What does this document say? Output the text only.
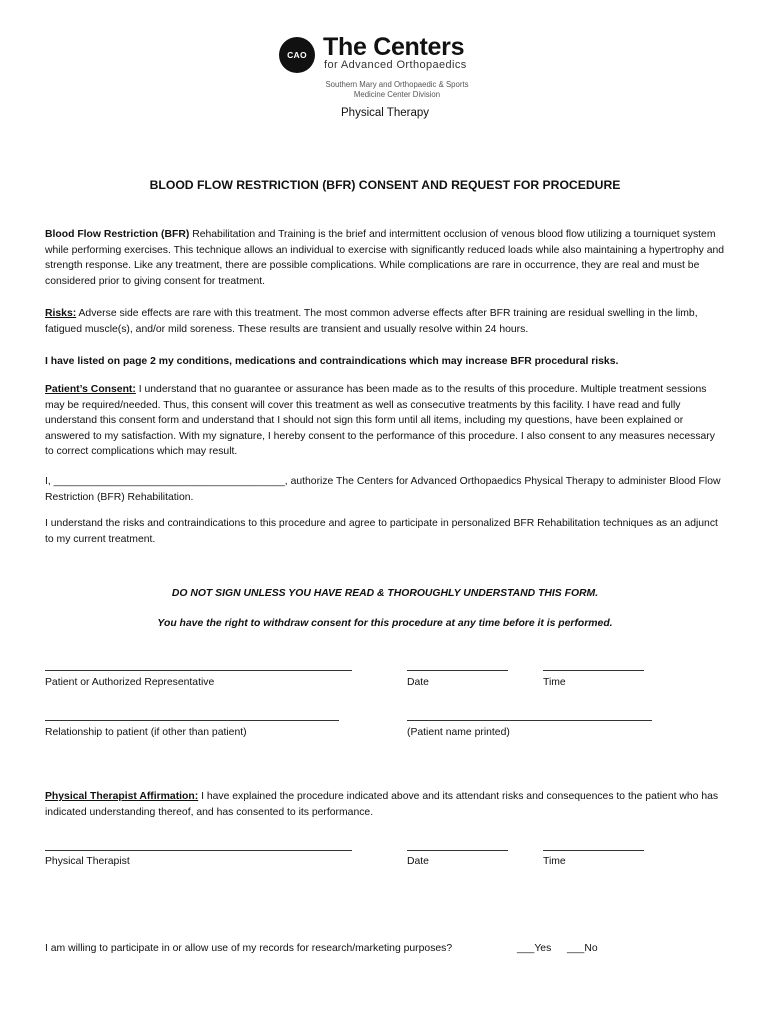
CAO The Centers
for Advanced Orthopaedics
Southern Mary and Orthopaedic & Sports
Medicine Center Division
Physical Therapy
BLOOD FLOW RESTRICTION (BFR) CONSENT AND REQUEST FOR PROCEDURE
Blood Flow Restriction (BFR) Rehabilitation and Training is the brief and intermittent occlusion of venous blood flow utilizing a tourniquet system while performing exercises. This technique allows an individual to exercise with significantly reduced loads while also maintaining a hypertrophy and strength response. Like any treatment, there are possible complications. While complications are rare in occurrence, they are real and must be considered prior to giving consent for treatment.
Risks: Adverse side effects are rare with this treatment. The most common adverse effects after BFR training are residual swelling in the limb, fatigued muscle(s), and/or mild soreness. These results are transient and usually resolve within 24 hours.
I have listed on page 2 my conditions, medications and contraindications which may increase BFR procedural risks.
Patient’s Consent: I understand that no guarantee or assurance has been made as to the results of this procedure. Multiple treatment sessions may be required/needed. Thus, this consent will cover this treatment as well as consecutive treatments by this facility. I have read and fully understand this consent form and understand that I should not sign this form until all items, including my questions, have been explained or answered to my satisfaction. With my signature, I hereby consent to the performance of this procedure. I also consent to any measures necessary to correct complications which may result.
I, ________________________________________, authorize The Centers for Advanced Orthopaedics Physical Therapy to administer Blood Flow Restriction (BFR) Rehabilitation.
I understand the risks and contraindications to this procedure and agree to participate in personalized BFR Rehabilitation techniques as an adjunct to my current treatment.
DO NOT SIGN UNLESS YOU HAVE READ & THOROUGHLY UNDERSTAND THIS FORM.
You have the right to withdraw consent for this procedure at any time before it is performed.
Patient or Authorized Representative	Date	Time
Relationship to patient (if other than patient)	(Patient name printed)
Physical Therapist Affirmation: I have explained the procedure indicated above and its attendant risks and consequences to the patient who has indicated understanding thereof, and has consented to its performance.
Physical Therapist	Date	Time
I am willing to participate in or allow use of my records for research/marketing purposes?	___Yes ___No
